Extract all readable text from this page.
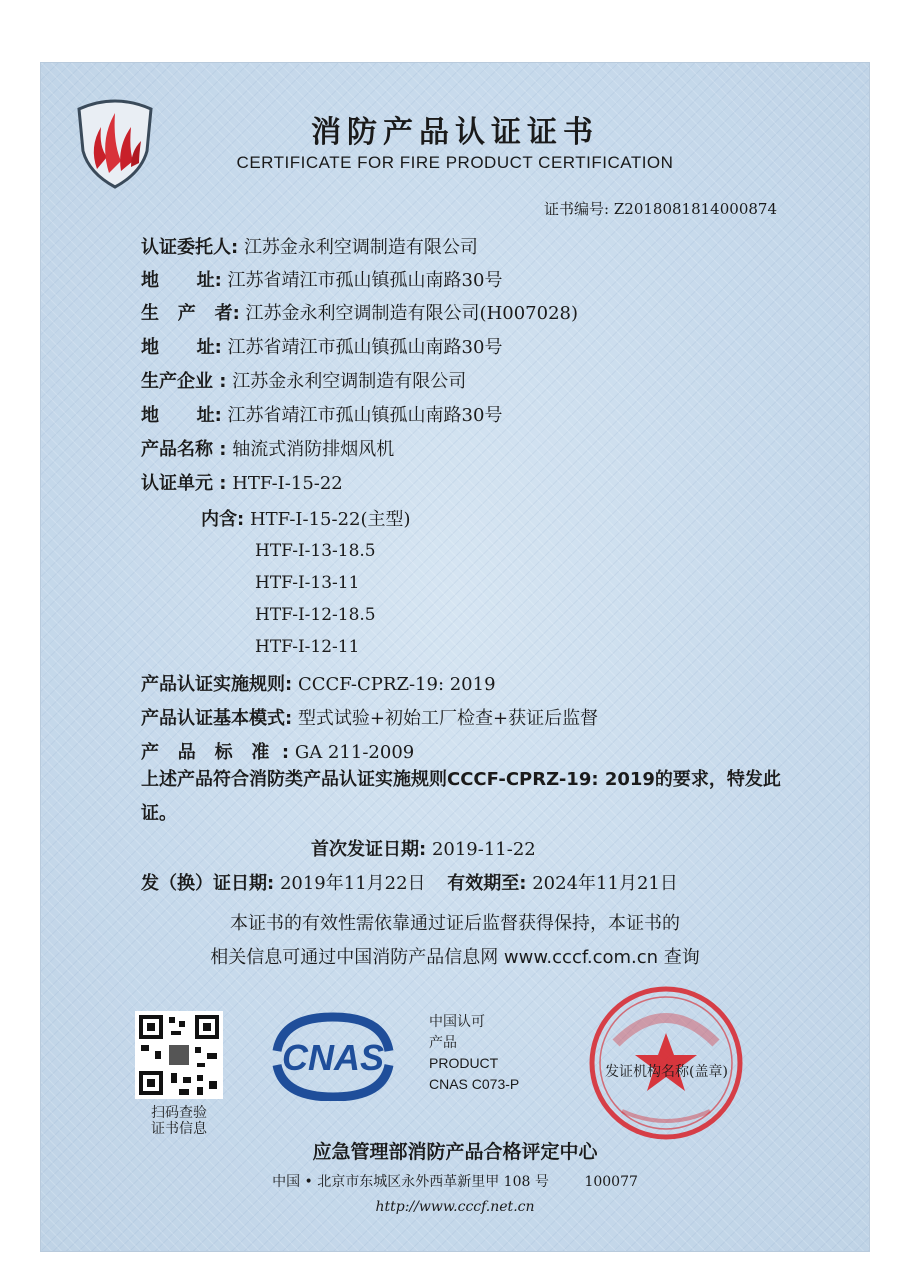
消防产品认证证书
CERTIFICATE FOR FIRE PRODUCT CERTIFICATION
证书编号: Z2018081814000874
认证委托人: 江苏金永利空调制造有限公司
地      址: 江苏省靖江市孤山镇孤山南路30号
生   产   者: 江苏金永利空调制造有限公司(H007028)
地      址: 江苏省靖江市孤山镇孤山南路30号
生产企业 : 江苏金永利空调制造有限公司
地      址: 江苏省靖江市孤山镇孤山南路30号
产品名称 : 轴流式消防排烟风机
认证单元 : HTF-I-15-22
内含: HTF-I-15-22(主型)
HTF-Ⅰ-13-18.5
HTF-Ⅰ-13-11
HTF-Ⅰ-12-18.5
HTF-Ⅰ-12-11
产品认证实施规则: CCCF-CPRZ-19: 2019
产品认证基本模式: 型式试验+初始工厂检查+获证后监督
产   品   标   准  : GA 211-2009
上述产品符合消防类产品认证实施规则CCCF-CPRZ-19: 2019的要求，特发此证。
首次发证日期: 2019-11-22
发（换）证日期: 2019年11月22日 有效期至: 2024年11月21日
本证书的有效性需依靠通过证后监督获得保持，本证书的
相关信息可通过中国消防产品信息网 www.cccf.com.cn 查询
扫码查验
证书信息
CNAS
中国认可
产品
PRODUCT
CNAS C073-P
发证机构名称(盖章)
应急管理部消防产品合格评定中心
中国 • 北京市东城区永外西革新里甲 108 号        100077
http://www.cccf.net.cn
